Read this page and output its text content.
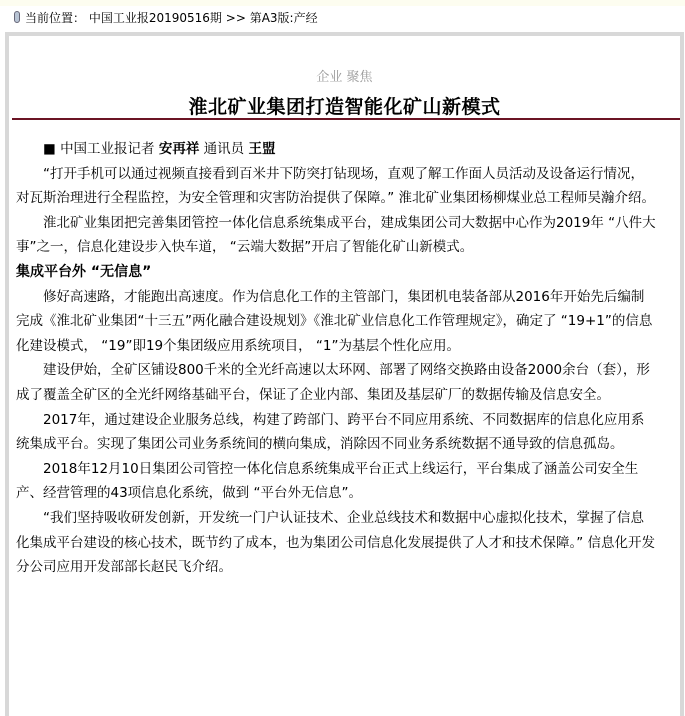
当前位置： 中国工业报20190516期 >> 第A3版:产经
企业 聚焦
淮北矿业集团打造智能化矿山新模式
■ 中国工业报记者 安再祥 通讯员 王盟

“打开手机可以通过视频直接看到百米井下防突打钻现场，直观了解工作面人员活动及设备运行情况，对瓦斯治理进行全程监控，为安全管理和灾害防治提供了保障。” 淮北矿业集团杨柳煤业总工程师吴瀚介绍。

淮北矿业集团把完善集团管控一体化信息系统集成平台，建成集团公司大数据中心作为2019年 “八件大事”之一，信息化建设步入快车道， “云端大数据”开启了智能化矿山新模式。

集成平台外 “无信息”

修好高速路，才能跑出高速度。作为信息化工作的主管部门，集团机电装备部从2016年开始先后编制完成《淮北矿业集团“十三五”两化融合建设规划》《淮北矿业信息化工作管理规定》，确定了 “19+1”的信息化建设模式， “19”即19个集团级应用系统项目， “1”为基层个性化应用。

建设伊始，全矿区铺设800千米的全光纤高速以太环网、部署了网络交换路由设备2000余台（套），形成了覆盖全矿区的全光纤网络基础平台，保证了企业内部、集团及基层矿厂的数据传输及信息安全。

2017年，通过建设企业服务总线，构建了跨部门、跨平台不同应用系统、不同数据库的信息化应用系统集成平台。实现了集团公司业务系统间的横向集成，消除因不同业务系统数据不通导致的信息孤岛。

2018年12月10日集团公司管控一体化信息系统集成平台正式上线运行，平台集成了涵盖公司安全生产、经营管理的43项信息化系统，做到 “平台外无信息”。

“我们坚持吸收研发创新，开发统一门户认证技术、企业总线技术和数据中心虚拟化技术，掌握了信息化集成平台建设的核心技术，既节约了成本，也为集团公司信息化发展提供了人才和技术保障。” 信息化开发分公司应用开发部部长赵民飞介绍。
